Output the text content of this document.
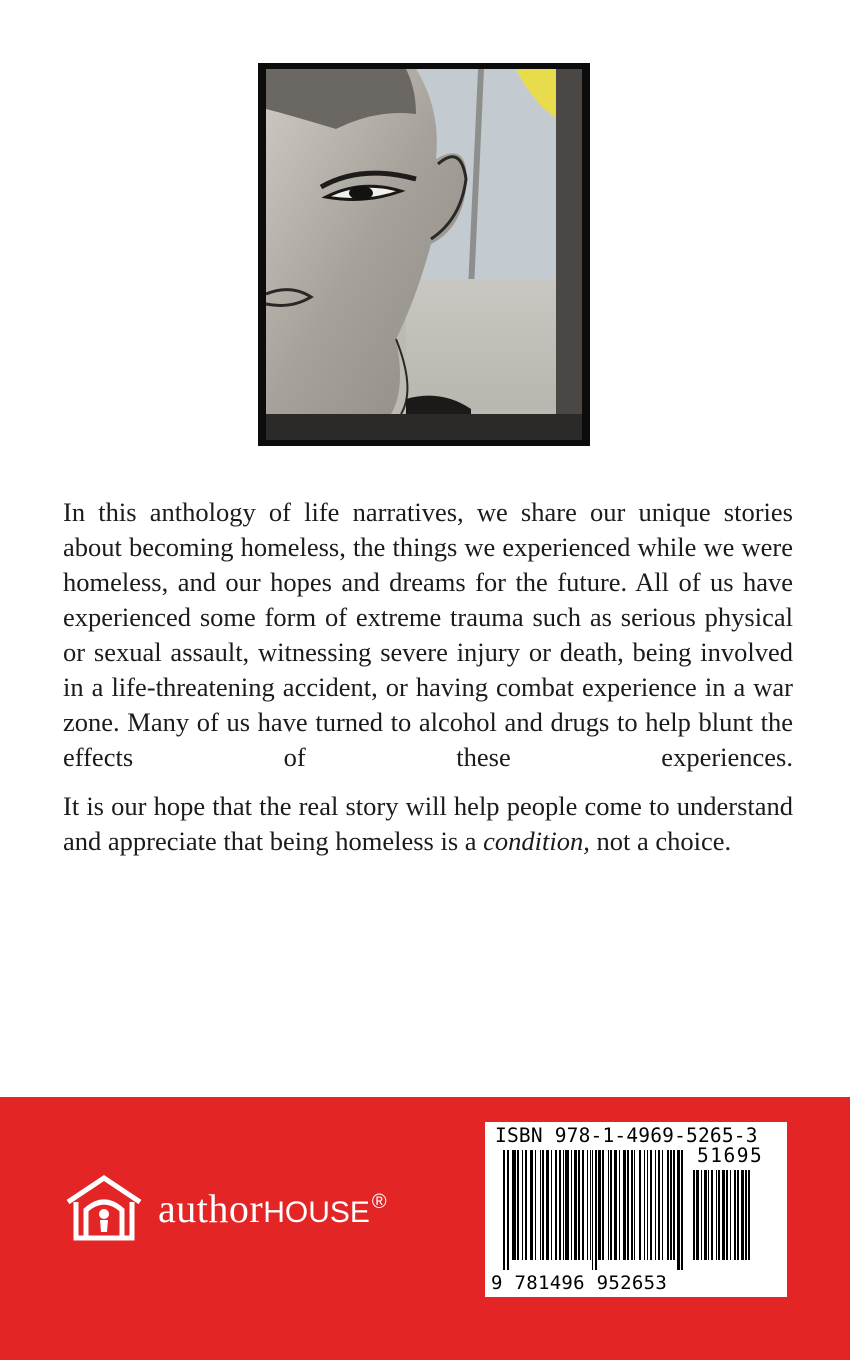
In this anthology of life narratives, we share our unique stories about becoming homeless, the things we experienced while we were homeless, and our hopes and dreams for the future. All of us have experienced some form of extreme trauma such as serious physical or sexual assault, witnessing severe injury or death, being involved in a life-threatening accident, or having combat experience in a war zone. Many of us have turned to alcohol and drugs to help blunt the effects of these experiences.

It is our hope that the real story will help people come to understand and appreciate that being homeless is a condition, not a choice.

authorHOUSE ®
ISBN 978-1-4969-5265-3
51695
9 781496 952653
